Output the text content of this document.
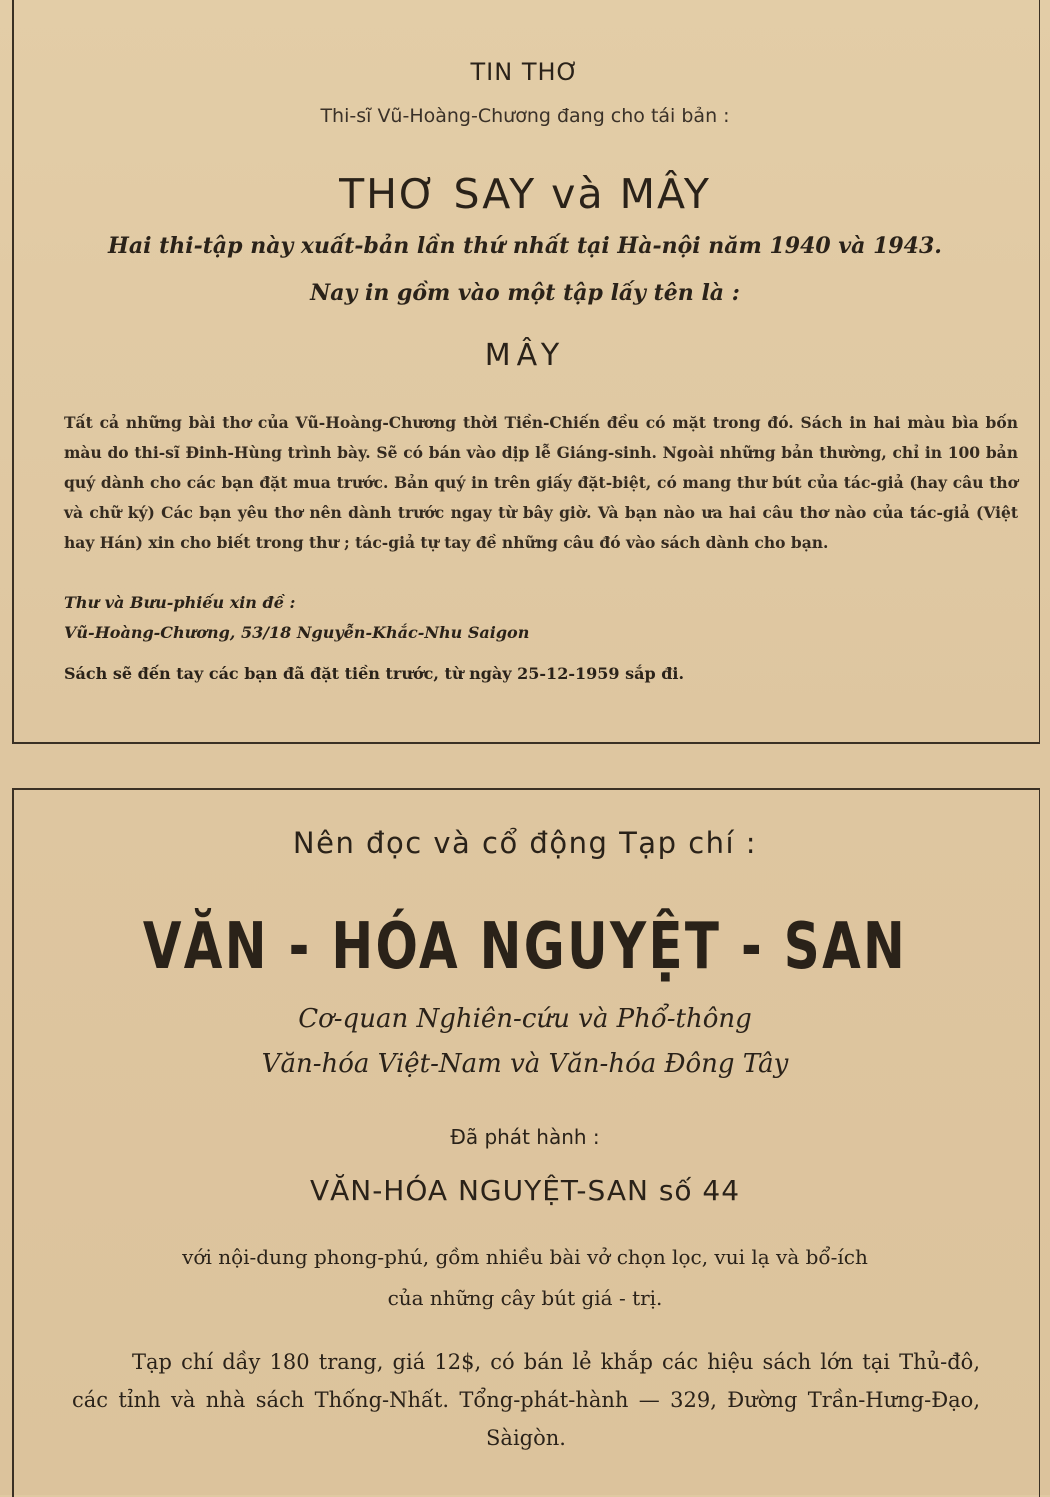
TIN THƠ
Thi-sĩ Vũ-Hoàng-Chương đang cho tái bản :
THƠ SAY và MÂY
Hai thi-tập này xuất-bản lần thứ nhất tại Hà-nội năm 1940 và 1943.
Nay in gồm vào một tập lấy tên là :
MÂY
Tất cả những bài thơ của Vũ-Hoàng-Chương thời Tiền-Chiến đều có mặt trong đó. Sách in hai màu bìa bốn màu do thi-sĩ Đinh-Hùng trình bày. Sẽ có bán vào dịp lễ Giáng-sinh. Ngoài những bản thường, chỉ in 100 bản quý dành cho các bạn đặt mua trước. Bản quý in trên giấy đặt-biệt, có mang thư bút của tác-giả (hay câu thơ và chữ ký) Các bạn yêu thơ nên dành trước ngay từ bây giờ. Và bạn nào ưa hai câu thơ nào của tác-giả (Việt hay Hán) xin cho biết trong thư ; tác-giả tự tay đề những câu đó vào sách dành cho bạn.
Thư và Bưu-phiếu xin đề :
Vũ-Hoàng-Chương, 53/18 Nguyễn-Khắc-Nhu Saigon
Sách sẽ đến tay các bạn đã đặt tiền trước, từ ngày 25-12-1959 sắp đi.
Nên đọc và cổ động Tạp chí :
VĂN - HÓA NGUYỆT - SAN
Cơ-quan Nghiên-cứu và Phổ-thông
Văn-hóa Việt-Nam và Văn-hóa Đông Tây
Đã phát hành :
VĂN-HÓA NGUYỆT-SAN số 44
với nội-dung phong-phú, gồm nhiều bài vở chọn lọc, vui lạ và bổ-ích
của những cây bút giá - trị.
Tạp chí dầy 180 trang, giá 12$, có bán lẻ khắp các hiệu sách lớn tại Thủ-đô, các tỉnh và nhà sách Thống-Nhất. Tổng-phát-hành — 329, Đường Trần-Hưng-Đạo, Sàigòn.
